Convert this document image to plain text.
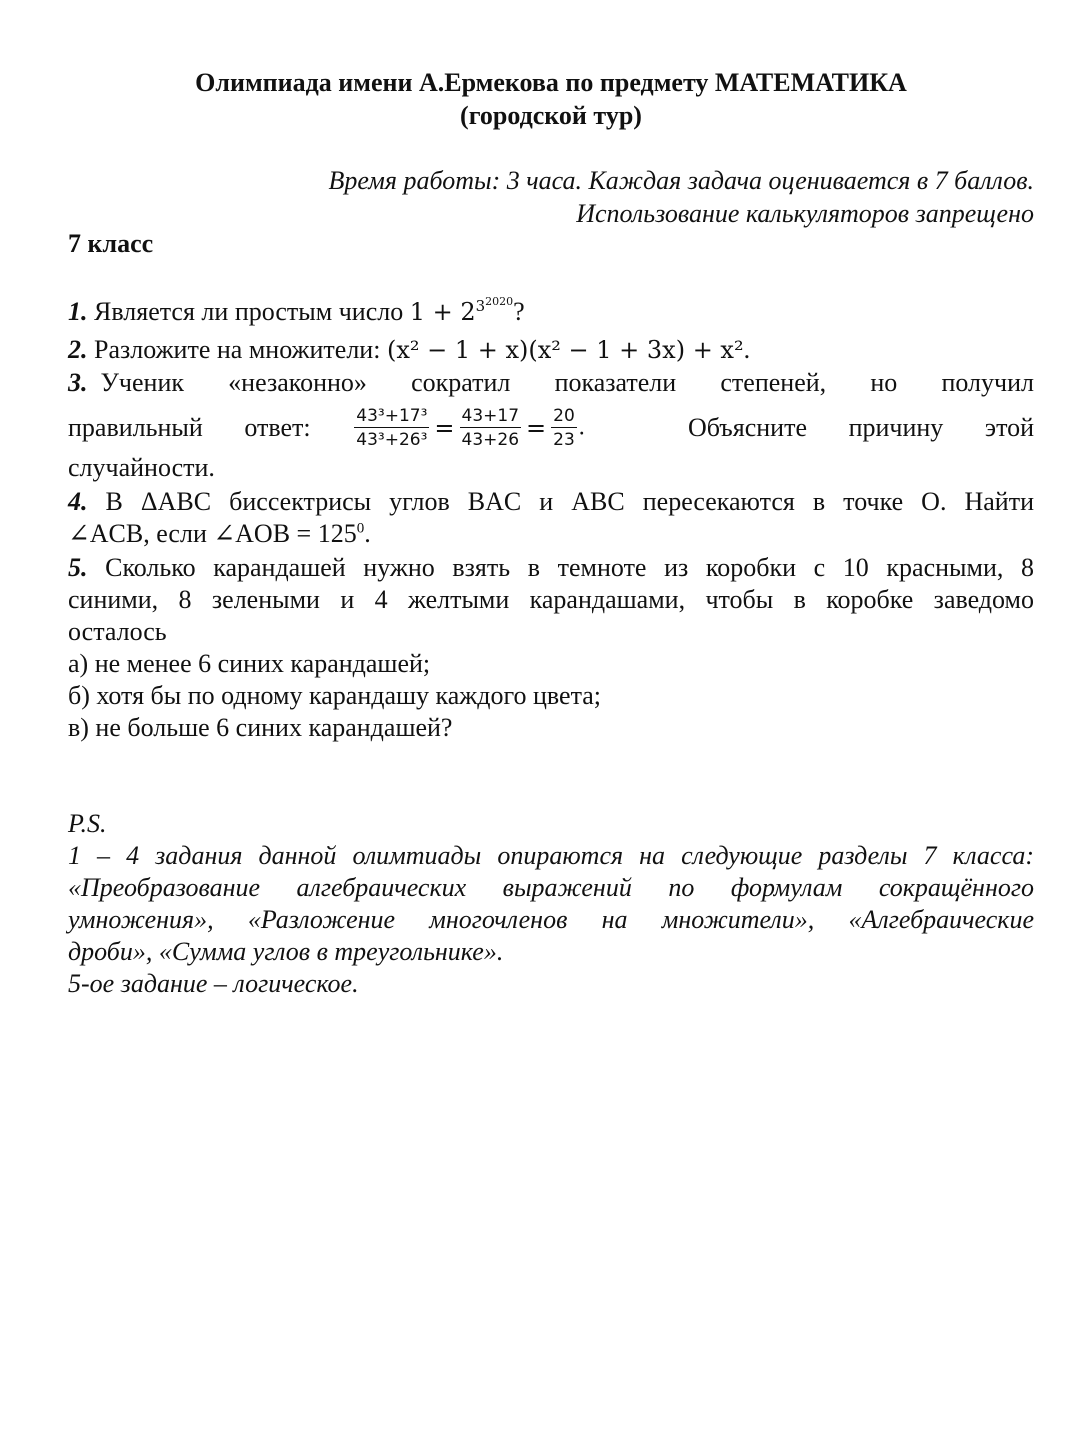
Олимпиада имени А.Ермекова по предмету МАТЕМАТИКА
(городской тур)
Время работы: 3 часа. Каждая задача оценивается в 7 баллов.
Использование калькуляторов запрещено
7 класс
1. Является ли простым число $1 + 2^{3^{2020}}$?
2. Разложите на множители: (x² − 1 + x)(x² − 1 + 3x) + x².
3. Ученик «незаконно» сократил показатели степеней, но получил
правильный ответ:	$\frac{\text{43³+17³}}{\text{43³+26³}} = \frac{43+17}{43+26} = \frac{20}{23}$ .	Объясните причину этой
случайности.
4. В ΔABC биссектрисы углов BAC и ABC пересекаются в точке О. Найти
∠ACB, если ∠AOB = $125^0$.
5. Сколько карандашей нужно взять в темноте из коробки с 10 красными, 8
синими, 8 зелеными и 4 желтыми карандашами, чтобы в коробке заведомо
осталось
а) не менее 6 синих карандашей;
б) хотя бы по одному карандашу каждого цвета;
в) не больше 6 синих карандашей?
P.S.
1 – 4 задания данной олимтиады опираются на следующие разделы 7 класса:
«Преобразование алгебраических выражений по формулам сокращённого
умножения», «Разложение многочленов на множители», «Алгебраические
дроби», «Сумма углов в треугольнике».
5-ое задание – логическое.
